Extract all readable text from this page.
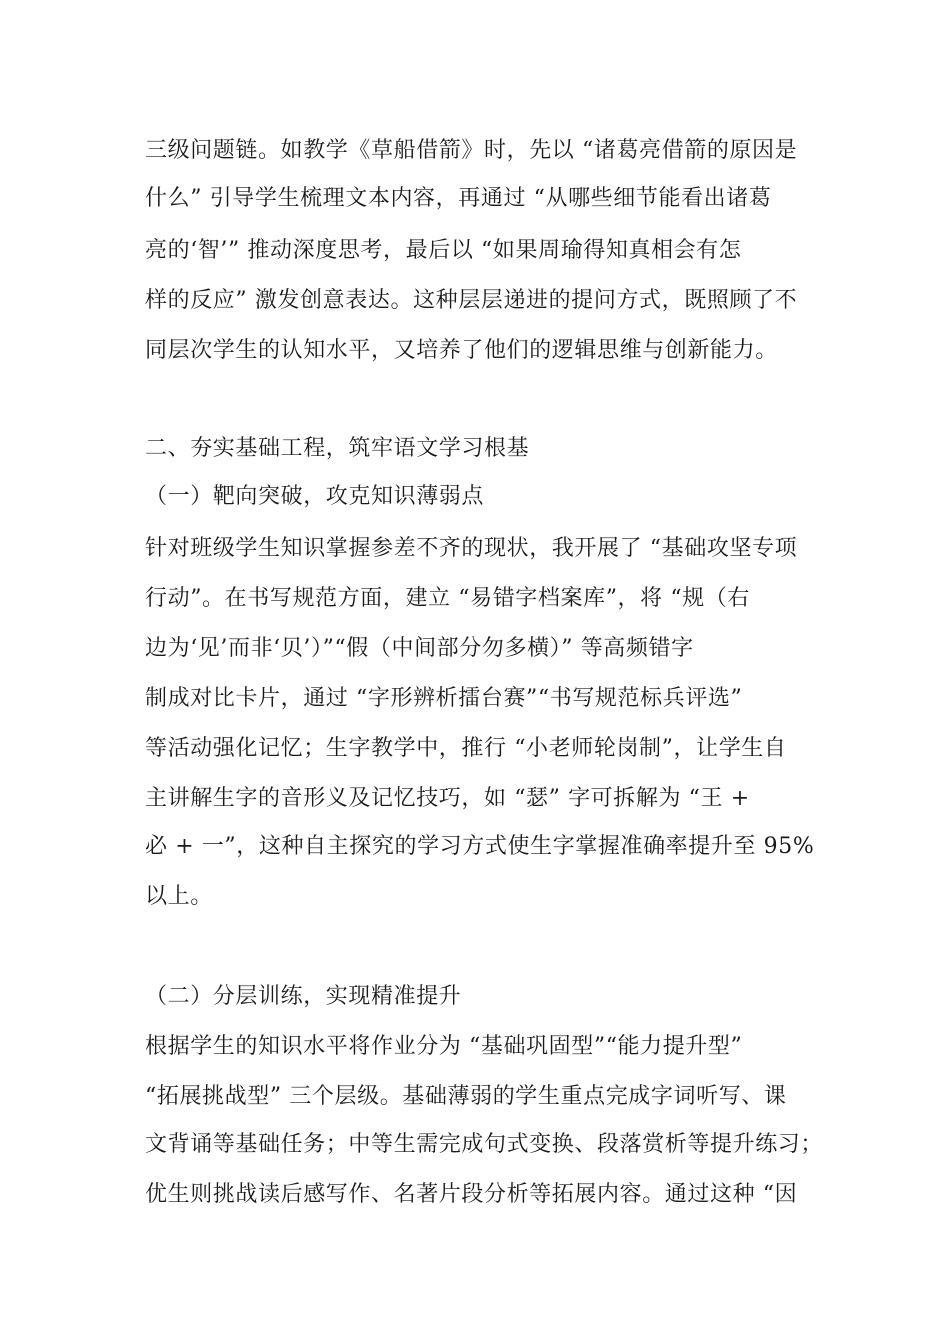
三级问题链。如教学《草船借箭》时，先以 “诸葛亮借箭的原因是
什么” 引导学生梳理文本内容，再通过 “从哪些细节能看出诸葛
亮的‘智’” 推动深度思考，最后以 “如果周瑜得知真相会有怎
样的反应” 激发创意表达。这种层层递进的提问方式，既照顾了不
同层次学生的认知水平，又培养了他们的逻辑思维与创新能力。
二、夯实基础工程，筑牢语文学习根基
（一）靶向突破，攻克知识薄弱点
针对班级学生知识掌握参差不齐的现状，我开展了 “基础攻坚专项
行动”。在书写规范方面，建立 “易错字档案库”，将 “规（右
边为‘见’而非‘贝’）”“假（中间部分勿多横）” 等高频错字
制成对比卡片，通过 “字形辨析擂台赛”“书写规范标兵评选”
等活动强化记忆；生字教学中，推行 “小老师轮岗制”，让学生自
主讲解生字的音形义及记忆技巧，如 “瑟” 字可拆解为 “王 +
必 + 一”，这种自主探究的学习方式使生字掌握准确率提升至 95%
以上。
（二）分层训练，实现精准提升
根据学生的知识水平将作业分为 “基础巩固型”“能力提升型”
“拓展挑战型” 三个层级。基础薄弱的学生重点完成字词听写、课
文背诵等基础任务；中等生需完成句式变换、段落赏析等提升练习；
优生则挑战读后感写作、名著片段分析等拓展内容。通过这种 “因
